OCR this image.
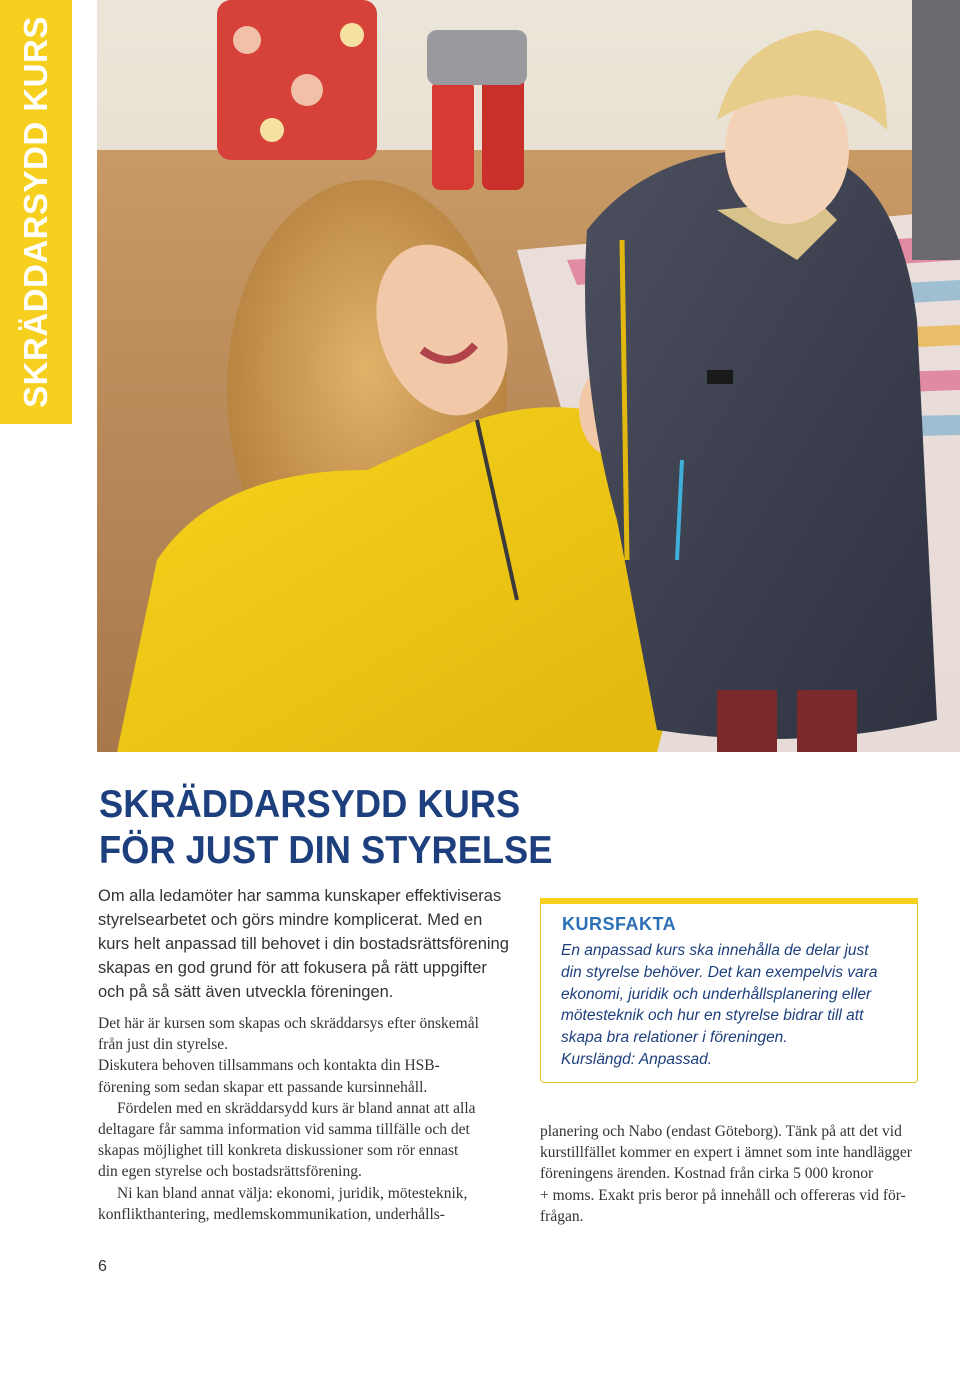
SKRÄDDARSYDD KURS
SKRÄDDARSYDD KURS
FÖR JUST DIN STYRELSE
Om alla ledamöter har samma kunskaper effektiviseras
styrelsearbetet och görs mindre komplicerat. Med en
kurs helt anpassad till behovet i din bostadsrättsförening
skapas en god grund för att fokusera på rätt uppgifter
och på så sätt även utveckla föreningen.
Det här är kursen som skapas och skräddarsys efter önskemål
från just din styrelse.
Diskutera behoven tillsammans och kontakta din HSB-
förening som sedan skapar ett passande kursinnehåll.
Fördelen med en skräddarsydd kurs är bland annat att alla
deltagare får samma information vid samma tillfälle och det
skapas möjlighet till konkreta diskussioner som rör ennast
din egen styrelse och bostadsrättsförening.
Ni kan bland annat välja: ekonomi, juridik, mötesteknik,
konflikthantering, medlemskommunikation, underhålls-
KURSFAKTA
En anpassad kurs ska innehålla de delar just
din styrelse behöver. Det kan exempelvis vara
ekonomi, juridik och underhållsplanering eller
mötesteknik och hur en styrelse bidrar till att
skapa bra relationer i föreningen.
Kurslängd: Anpassad.
planering och Nabo (endast Göteborg). Tänk på att det vid
kurstillfället kommer en expert i ämnet som inte handlägger
föreningens ärenden. Kostnad från cirka 5 000 kronor
+ moms. Exakt pris beror på innehåll och offereras vid för-
frågan.
6
